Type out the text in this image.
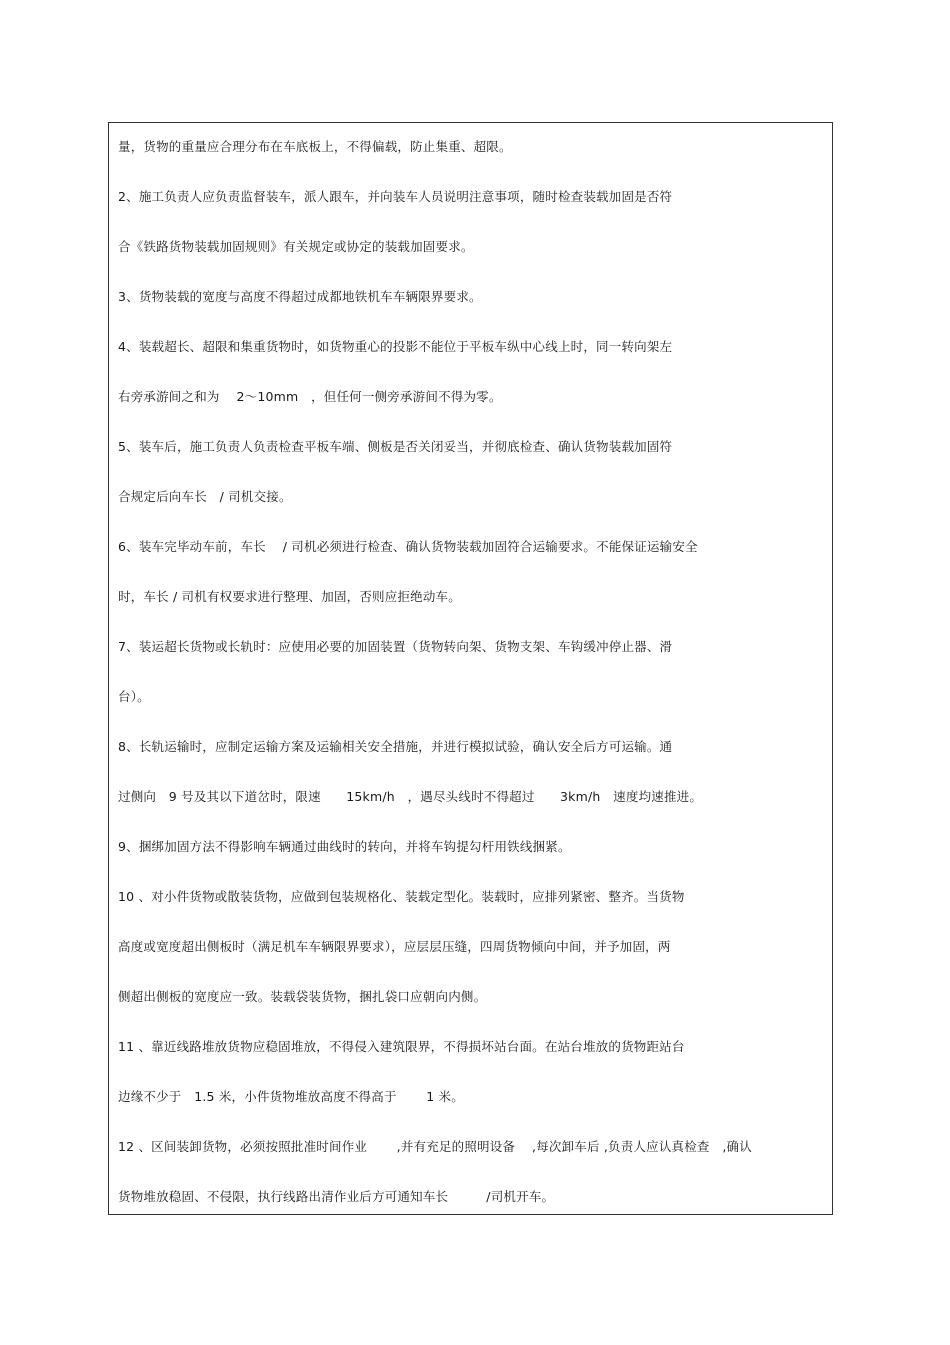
量，货物的重量应合理分布在车底板上，不得偏载，防止集重、超限。
2、施工负责人应负责监督装车，派人跟车，并向装车人员说明注意事项，随时检查装载加固是否符
合《铁路货物装载加固规则》有关规定或协定的装载加固要求。
3、货物装载的宽度与高度不得超过成都地铁机车车辆限界要求。
4、装载超长、超限和集重货物时，如货物重心的投影不能位于平板车纵中心线上时，同一转向架左
右旁承游间之和为　 2～10mm　，但任何一侧旁承游间不得为零。
5、装车后，施工负责人负责检查平板车端、侧板是否关闭妥当，并彻底检查、确认货物装载加固符
合规定后向车长　/ 司机交接。
6、装车完毕动车前，车长　 / 司机必须进行检查、确认货物装载加固符合运输要求。不能保证运输安全
时，车长 / 司机有权要求进行整理、加固，否则应拒绝动车。
7、装运超长货物或长轨时：应使用必要的加固装置（货物转向架、货物支架、车钩缓冲停止器、滑
台）。
8、长轨运输时，应制定运输方案及运输相关安全措施，并进行模拟试验，确认安全后方可运输。通
过侧向　9 号及其以下道岔时，限速　　15km/h　，遇尽头线时不得超过　　3km/h　速度均速推进。
9、捆绑加固方法不得影响车辆通过曲线时的转向，并将车钩提勾杆用铁线捆紧。
10 、对小件货物或散装货物，应做到包装规格化、装载定型化。装载时，应排列紧密、整齐。当货物
高度或宽度超出侧板时（满足机车车辆限界要求），应层层压缝，四周货物倾向中间，并予加固，两
侧超出侧板的宽度应一致。装载袋装货物，捆扎袋口应朝向内侧。
11 、靠近线路堆放货物应稳固堆放，不得侵入建筑限界，不得损坏站台面。在站台堆放的货物距站台
边缘不少于　1.5 米，小件货物堆放高度不得高于　　 1 米。
12 、区间装卸货物，必须按照批准时间作业　　 ,并有充足的照明设备　 ,每次卸车后 ,负责人应认真检查　,确认
货物堆放稳固、不侵限，执行线路出清作业后方可通知车长　　　/司机开车。
